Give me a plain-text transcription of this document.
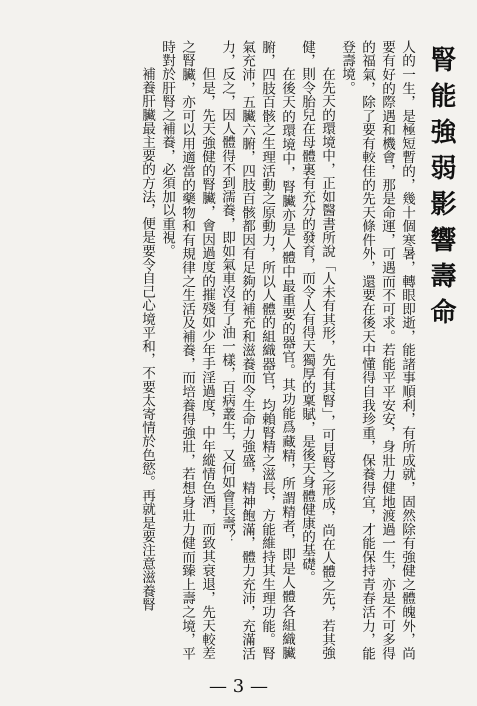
腎能強弱影響壽命

人的一生，是極短暫的，幾十個寒暑，轉眼即逝，能諸事順利，有所成就，固然除有強健之體魄外，尚要有好的際遇和機會，那是命運，可遇而不可求。若能平平安安，身壯力健地渡過一生，亦是不可多得的福氣，除了要有較佳的先天條件外，還要在後天中懂得自我珍重，保養得宜，才能保持青春活力，能登壽境。

在先天的環境中，正如醫書所說「人未有其形，先有其腎」，可見腎之形成，尚在人體之先，若其強健，則令胎兒在母體裏有充分的發育，而令人有得天獨厚的稟賦，是後天身體健康的基礎。

在後天的環境中，腎臟亦是人體中最重要的器官。其功能爲藏精，所謂精者，即是人體各組織臟腑，四肢百骸之生理活動之原動力，所以人體的組織器官，均賴腎精之滋長，方能維持其生理功能。腎氣充沛，五臟六腑，四肢百骸都因有足夠的補充和滋養而令生命力強盛，精神飽滿，體力充沛，充滿活力，反之，因人體得不到濡養，即如氣車沒有了油一樣，百病叢生，又何如會長壽？

但是，先天強健的腎臟，會因過度的摧殘如少年手淫過度，中年縱情色酒，而致其衰退，先天較差之腎臟，亦可以用適當的藥物和有規律之生活及補養，而培養得強壯，若想身壯力健而臻上壽之境，平時對於肝腎之補養，必須加以重視。

補養肝臟最主要的方法，便是要令自己心境平和，不要太寄情於色慾。再就是要注意滋養腎

— 3 —
